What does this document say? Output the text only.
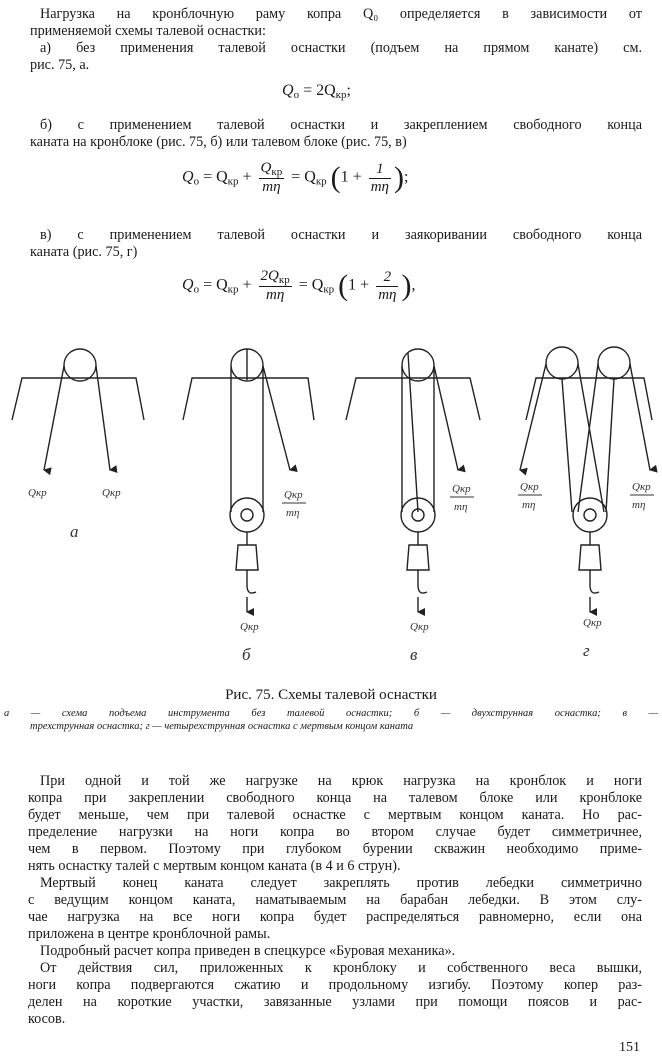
Нагрузка на кронблочную раму копра Q₀ определяется в зависимости от
применяемой схемы талевой оснастки:
а) без применения талевой оснастки (подъем на прямом канате) см.
рис. 75, а.
$Q_о = 2Q_{кр}$;
б) с применением талевой оснастки и закреплением свободного конца
каната на кронблоке (рис. 75, б) или талевом блоке (рис. 75, в)
$Q_о = Q_{кр} + \frac{Q_{кр}}{m\eta} = Q_{кр}$ ($1 + \frac{1}{m\eta}$ );
в) с применением талевой оснастки и заякоривании свободного конца
каната (рис. 75, г)
$Q_о = Q_{кр} + \frac{2Q_{кр}}{m\eta} = Q_{кр}$ ($1 + \frac{2}{m\eta}$ ),
Qкр	Qкр	Qкр
mη
Qкр
mη
Qкр
mη
Qкр
mη
Qкр	Qкр	Qкр
а
б	в	г
Рис. 75. Схемы талевой оснастки
а — схема подъема инструмента без талевой оснастки; б — двухструнная оснастка; в —
трехструнная оснастка; г — четырехструнная оснастка с мертвым концом каната
При одной и той же нагрузке на крюк нагрузка на кронблок и ноги
копра при закреплении свободного конца на талевом блоке или кронблоке
будет меньше, чем при талевой оснастке с мертвым концом каната. Но рас-
пределение нагрузки на ноги копра во втором случае будет симметричнее,
чем в первом. Поэтому при глубоком бурении скважин необходимо приме-
нять оснастку талей с мертвым концом каната (в 4 и 6 струн).
Мертвый конец каната следует закреплять против лебедки симметрично
с ведущим концом каната, наматываемым на барабан лебедки. В этом слу-
чае нагрузка на все ноги копра будет распределяться равномерно, если она
приложена в центре кронблочной рамы.
Подробный расчет копра приведен в спецкурсе «Буровая механика».
От действия сил, приложенных к кронблоку и собственного веса вышки,
ноги копра подвергаются сжатию и продольному изгибу. Поэтому копер раз-
делен на короткие участки, завязанные узлами при помощи поясов и рас-
косов.
151
